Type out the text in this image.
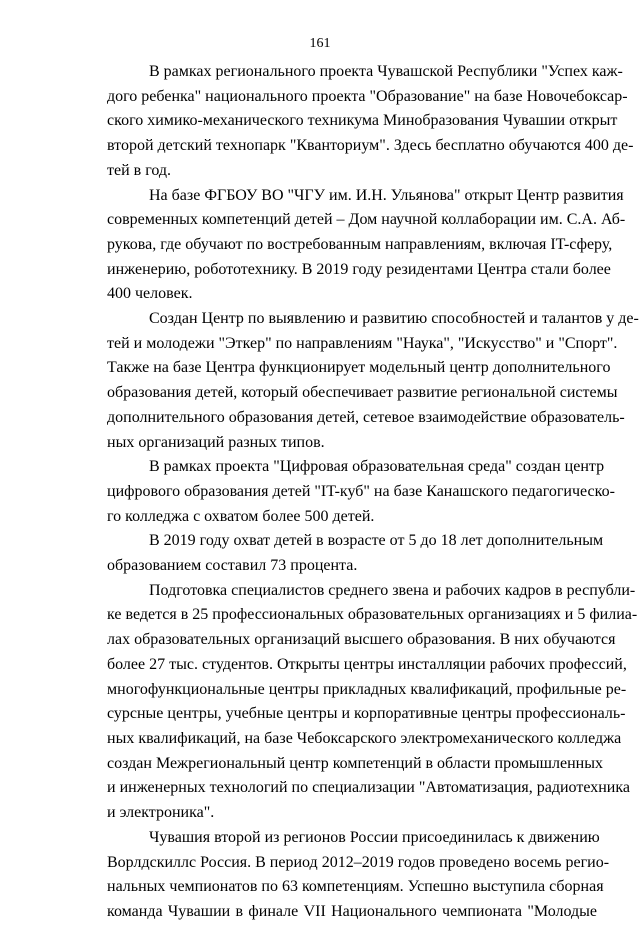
161

В рамках регионального проекта Чувашской Республики "Успех каж-
дого ребенка" национального проекта "Образование" на базе Новочебоксар-
ского химико-механического техникума Минобразования Чувашии открыт
второй детский технопарк "Кванториум". Здесь бесплатно обучаются 400 де-
тей в год.

На базе ФГБОУ ВО "ЧГУ им. И.Н. Ульянова" открыт Центр развития
современных компетенций детей – Дом научной коллаборации им. С.А. Аб-
рукова, где обучают по востребованным направлениям, включая IT-сферу,
инженерию, робототехнику. В 2019 году резидентами Центра стали более
400 человек.

Создан Центр по выявлению и развитию способностей и талантов у де-
тей и молодежи "Эткер" по направлениям "Наука", "Искусство" и "Спорт".
Также на базе Центра функционирует модельный центр дополнительного
образования детей, который обеспечивает развитие региональной системы
дополнительного образования детей, сетевое взаимодействие образователь-
ных организаций разных типов.

В рамках проекта "Цифровая образовательная среда" создан центр
цифрового образования детей "IT-куб" на базе Канашского педагогическо-
го колледжа с охватом более 500 детей.

В 2019 году охват детей в возрасте от 5 до 18 лет дополнительным
образованием составил 73 процента.

Подготовка специалистов среднего звена и рабочих кадров в республи-
ке ведется в 25 профессиональных образовательных организациях и 5 филиа-
лах образовательных организаций высшего образования. В них обучаются
более 27 тыс. студентов. Открыты центры инсталляции рабочих профессий,
многофункциональные центры прикладных квалификаций, профильные ре-
сурсные центры, учебные центры и корпоративные центры профессиональ-
ных квалификаций, на базе Чебоксарского электромеханического колледжа
создан Межрегиональный центр компетенций в области промышленных
и инженерных технологий по специализации "Автоматизация, радиотехника
и электроника".

Чувашия второй из регионов России присоединилась к движению
Ворлдскиллс Россия. В период 2012–2019 годов проведено восемь регио-
нальных чемпионатов по 63 компетенциям. Успешно выступила сборная
команда Чувашии в финале VII Национального чемпионата "Молодые
